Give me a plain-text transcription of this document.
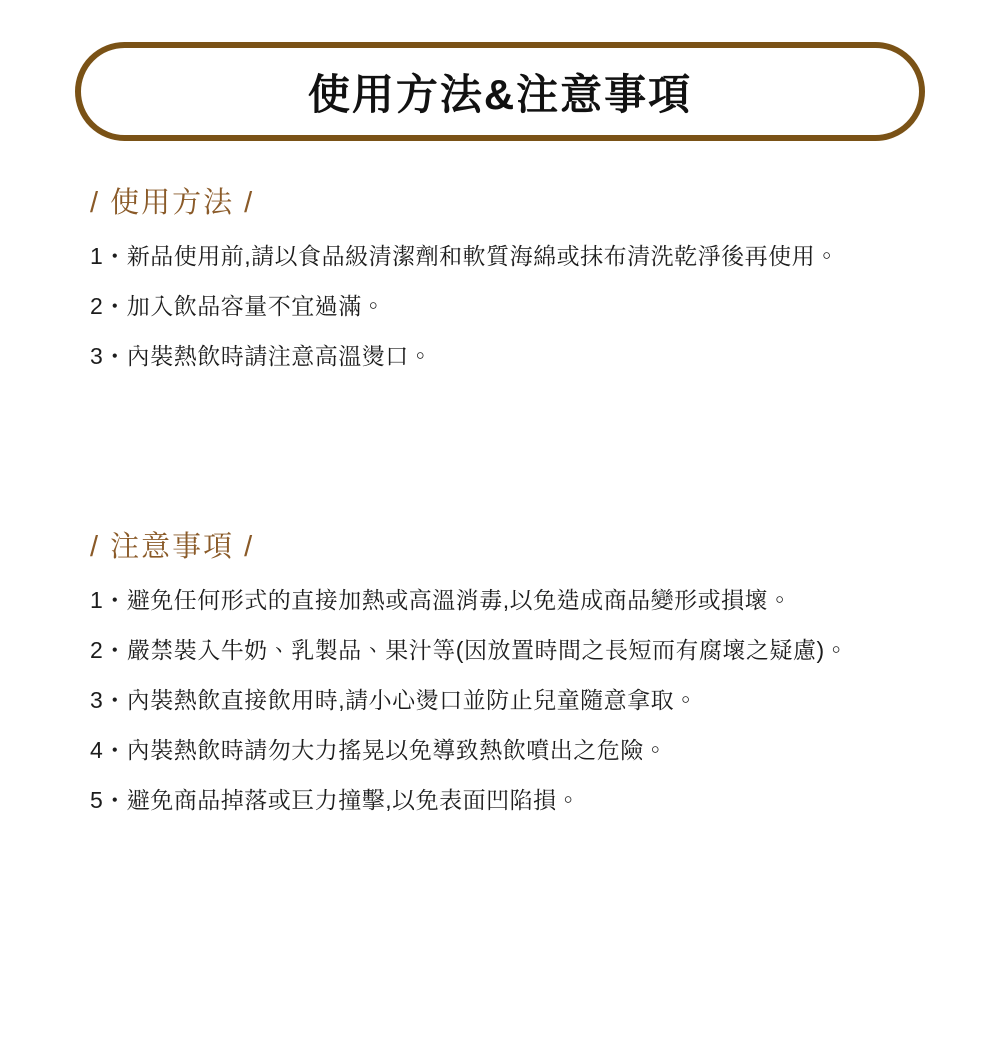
使用方法&注意事項
/ 使用方法 /
1・新品使用前,請以食品級清潔劑和軟質海綿或抹布清洗乾淨後再使用。
2・加入飲品容量不宜過滿。
3・內裝熱飲時請注意高溫燙口。
/ 注意事項 /
1・避免任何形式的直接加熱或高溫消毒,以免造成商品變形或損壞。
2・嚴禁裝入牛奶、乳製品、果汁等(因放置時間之長短而有腐壞之疑慮)。
3・內裝熱飲直接飲用時,請小心燙口並防止兒童隨意拿取。
4・內裝熱飲時請勿大力搖晃以免導致熱飲噴出之危險。
5・避免商品掉落或巨力撞擊,以免表面凹陷損。
